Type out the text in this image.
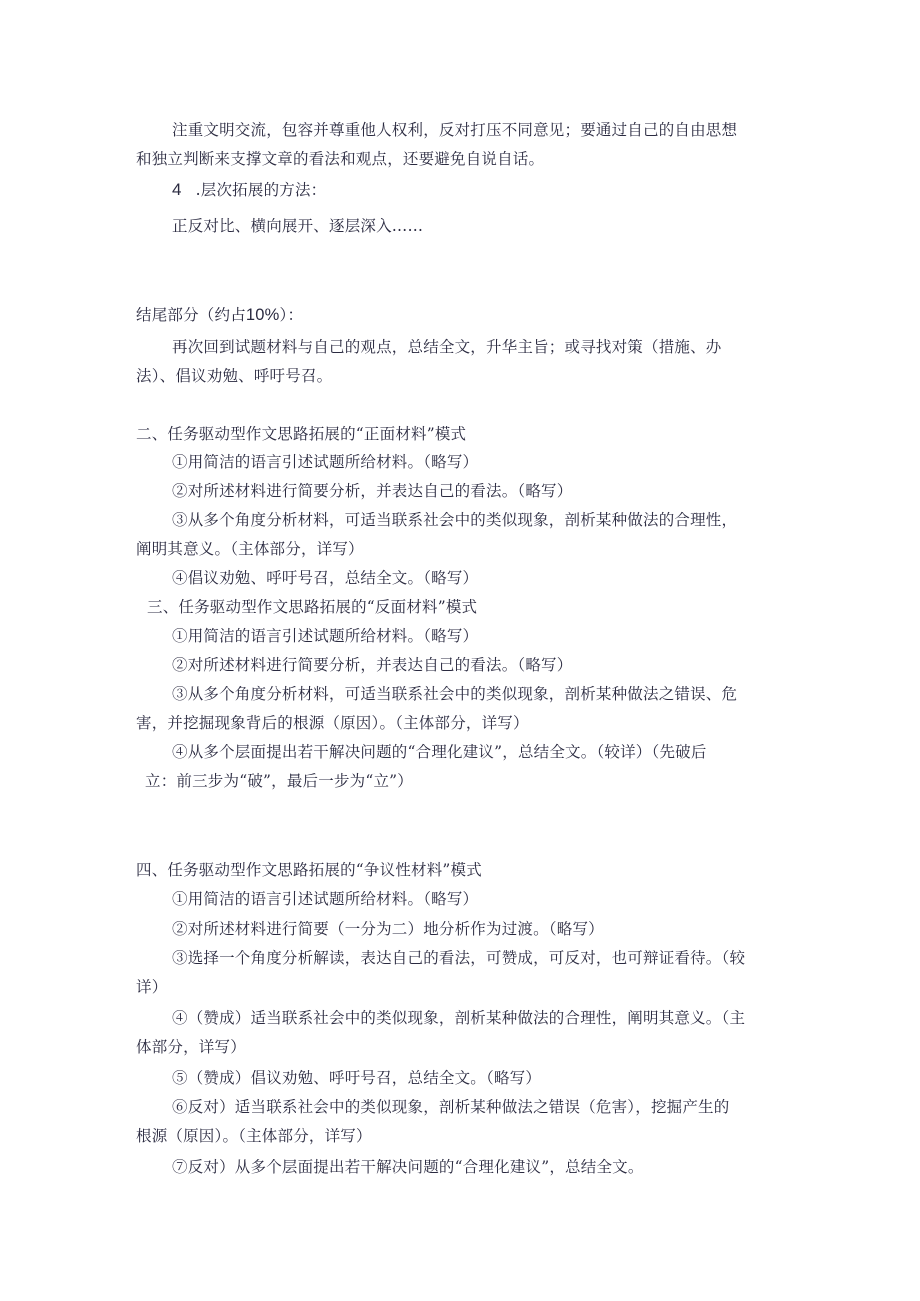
注重文明交流，包容并尊重他人权利，反对打压不同意见；要通过自己的自由思想
和独立判断来支撑文章的看法和观点，还要避免自说自话。
4 .层次拓展的方法：
正反对比、横向展开、逐层深入……
结尾部分（约占10%）：
再次回到试题材料与自己的观点，总结全文，升华主旨；或寻找对策（措施、办
法）、倡议劝勉、呼吁号召。
二、任务驱动型作文思路拓展的“正面材料”模式
①用简洁的语言引述试题所给材料。（略写）
②对所述材料进行简要分析，并表达自己的看法。（略写）
③从多个角度分析材料，可适当联系社会中的类似现象，剖析某种做法的合理性，
阐明其意义。（主体部分，详写）
④倡议劝勉、呼吁号召，总结全文。（略写）
三、任务驱动型作文思路拓展的“反面材料”模式
①用简洁的语言引述试题所给材料。（略写）
②对所述材料进行简要分析，并表达自己的看法。（略写）
③从多个角度分析材料，可适当联系社会中的类似现象，剖析某种做法之错误、危
害，并挖掘现象背后的根源（原因）。（主体部分，详写）
④从多个层面提出若干解决问题的“合理化建议”，总结全文。（较详）（先破后
立：前三步为“破”，最后一步为“立”）
四、任务驱动型作文思路拓展的“争议性材料”模式
①用简洁的语言引述试题所给材料。（略写）
②对所述材料进行简要（一分为二）地分析作为过渡。（略写）
③选择一个角度分析解读，表达自己的看法，可赞成，可反对，也可辩证看待。（较
详）
④（赞成）适当联系社会中的类似现象，剖析某种做法的合理性，阐明其意义。（主
体部分，详写）
⑤（赞成）倡议劝勉、呼吁号召，总结全文。（略写）
⑥反对）适当联系社会中的类似现象，剖析某种做法之错误（危害），挖掘产生的
根源（原因）。（主体部分，详写）
⑦反对）从多个层面提出若干解决问题的“合理化建议”，总结全文。
